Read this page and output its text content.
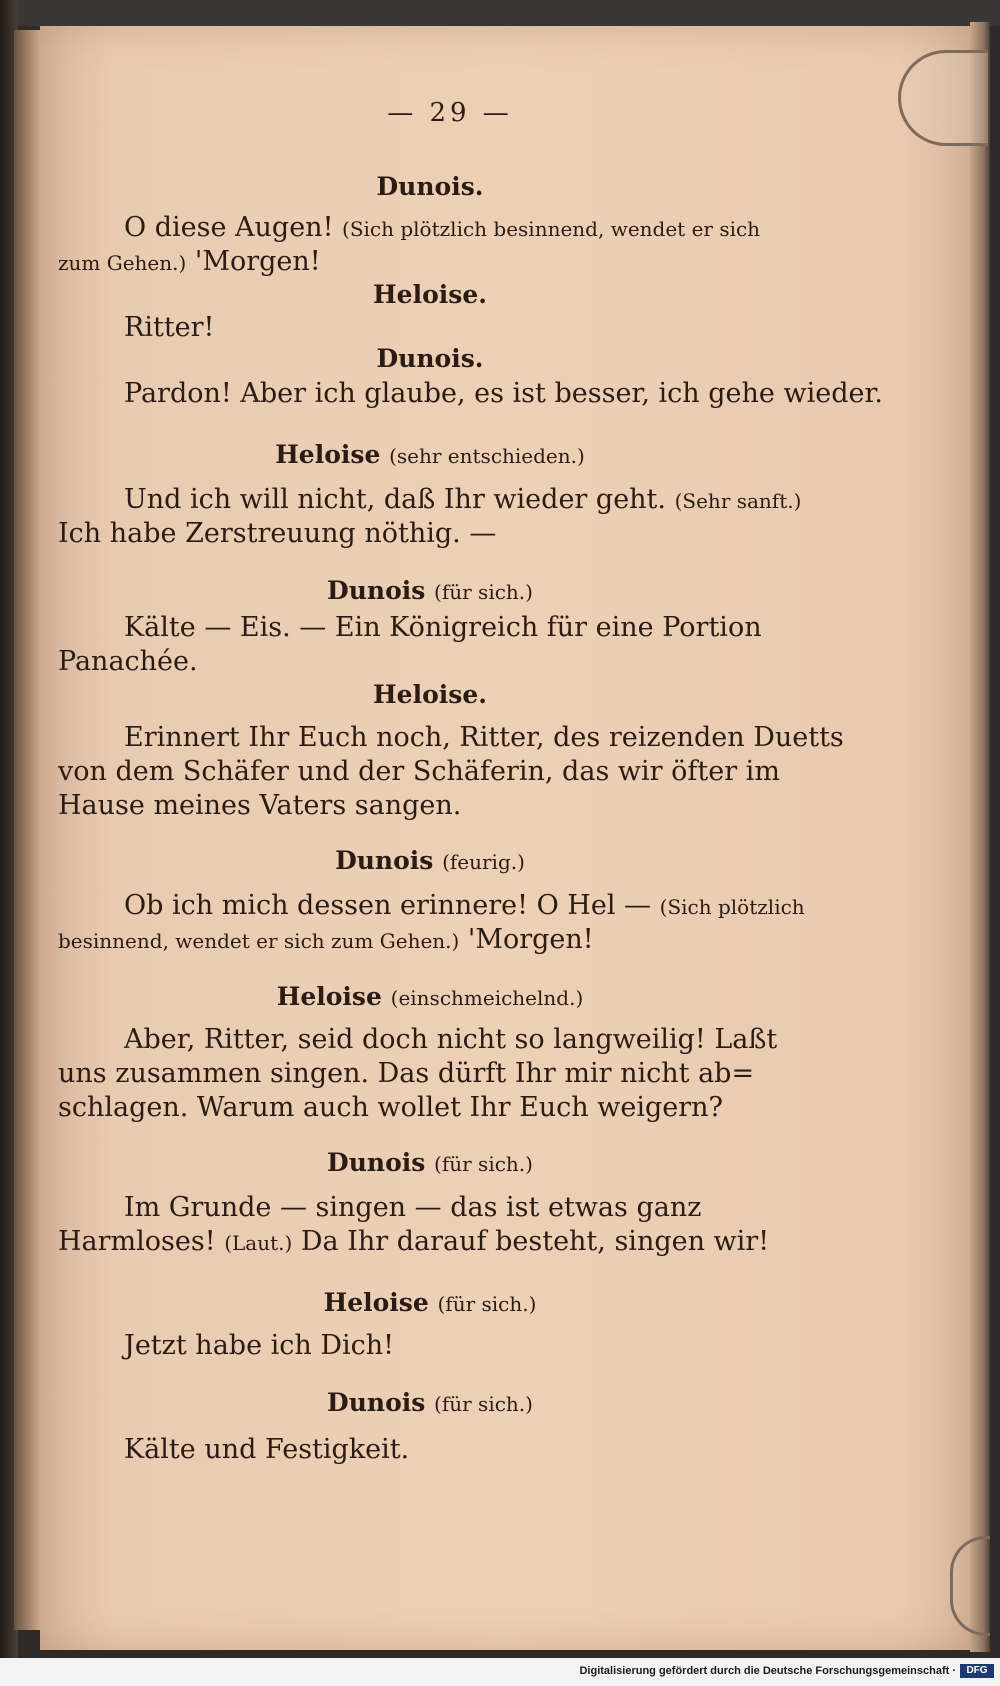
— 29 —
Dunois.
O diese Augen! (Sich plötzlich besinnend, wendet er sich
zum Gehen.) 'Morgen!
Heloise.
Ritter!
Dunois.
Pardon! Aber ich glaube, es ist besser, ich gehe wieder.
Heloise (sehr entschieden.)
Und ich will nicht, daß Ihr wieder geht. (Sehr sanft.)
Ich habe Zerstreuung nöthig. —
Dunois (für sich.)
Kälte — Eis. — Ein Königreich für eine Portion
Panachée.
Heloise.
Erinnert Ihr Euch noch, Ritter, des reizenden Duetts
von dem Schäfer und der Schäferin, das wir öfter im
Hause meines Vaters sangen.
Dunois (feurig.)
Ob ich mich dessen erinnere! O Hel — (Sich plötzlich
besinnend, wendet er sich zum Gehen.) 'Morgen!
Heloise (einschmeichelnd.)
Aber, Ritter, seid doch nicht so langweilig! Laßt
uns zusammen singen. Das dürft Ihr mir nicht ab=
schlagen. Warum auch wollet Ihr Euch weigern?
Dunois (für sich.)
Im Grunde — singen — das ist etwas ganz
Harmloses! (Laut.) Da Ihr darauf besteht, singen wir!
Heloise (für sich.)
Jetzt habe ich Dich!
Dunois (für sich.)
Kälte und Festigkeit.
Digitalisierung gefördert durch die Deutsche Forschungsgemeinschaft ·	DFG
